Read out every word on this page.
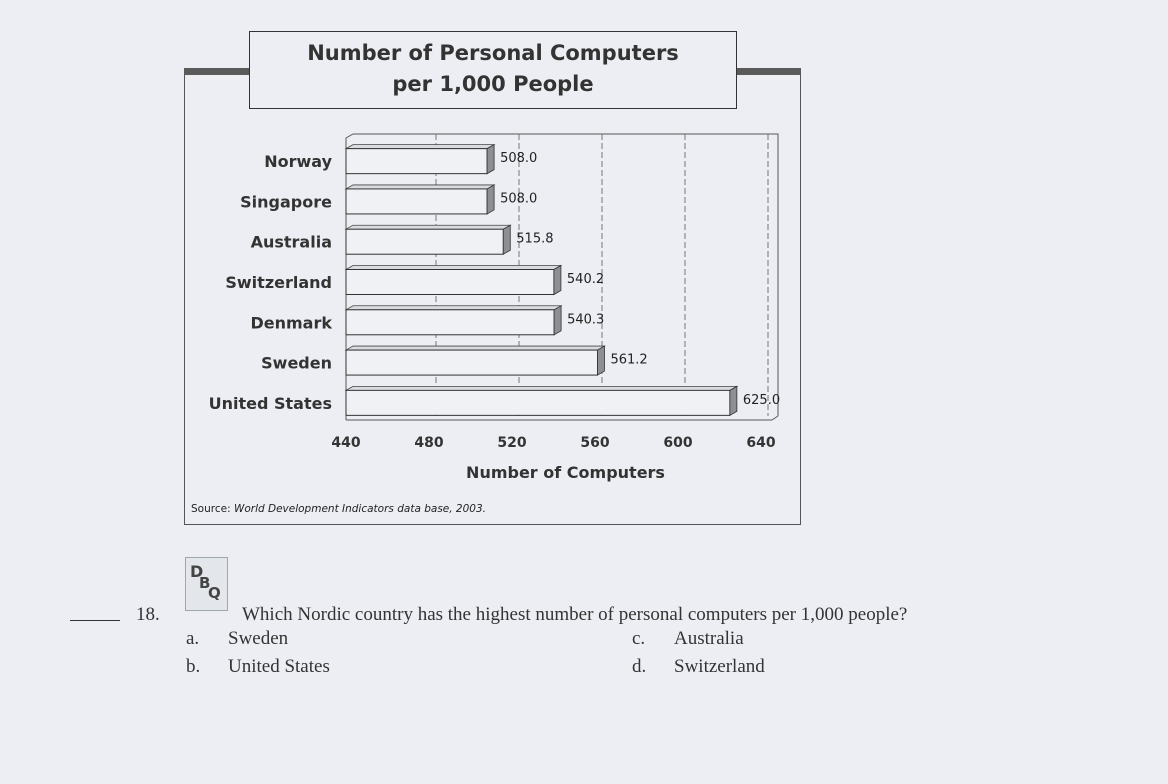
Number of Personal Computers
per 1,000 People
Norway	508.0
Singapore	508.0
Australia	515.8
Switzerland	540.2
Denmark	540.3
Sweden	561.2
United States	625.0
440	480	520	560	600	640
Number of Computers
Source: World Development Indicators data base, 2003.
18.
D
B
Q
Which Nordic country has the highest number of personal computers per 1,000 people?
a. Sweden
b. United States
c. Australia
d. Switzerland
